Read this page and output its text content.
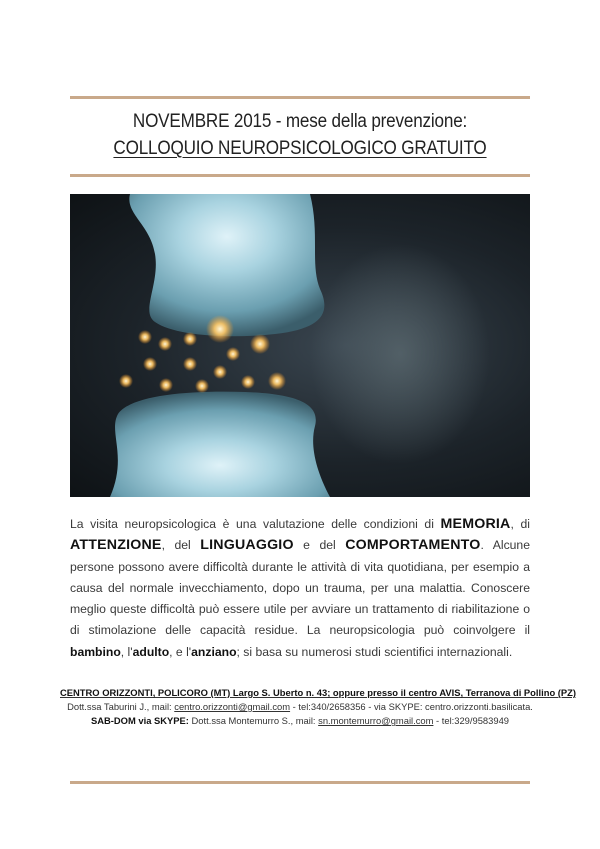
NOVEMBRE 2015 - mese della prevenzione:
COLLOQUIO NEUROPSICOLOGICO GRATUITO
La visita neuropsicologica è una valutazione delle condizioni di MEMORIA, di ATTENZIONE, del LINGUAGGIO e del COMPORTAMENTO. Alcune persone possono avere difficoltà durante le attività di vita quotidiana, per esempio a causa del normale invecchiamento, dopo un trauma, per una malattia. Conoscere meglio queste difficoltà può essere utile per avviare un trattamento di riabilitazione o di stimolazione delle capacità residue. La neuropsicologia può coinvolgere il bambino, l'adulto, e l'anziano; si basa su numerosi studi scientifici internazionali.
CENTRO ORIZZONTI, POLICORO (MT) Largo S. Uberto n. 43; oppure presso il centro AVIS, Terranova di Pollino (PZ)
Dott.ssa Taburini J., mail: centro.orizzonti@gmail.com - tel:340/2658356 - via SKYPE: centro.orizzonti.basilicata.
SAB-DOM via SKYPE: Dott.ssa Montemurro S., mail: sn.montemurro@gmail.com - tel:329/9583949
